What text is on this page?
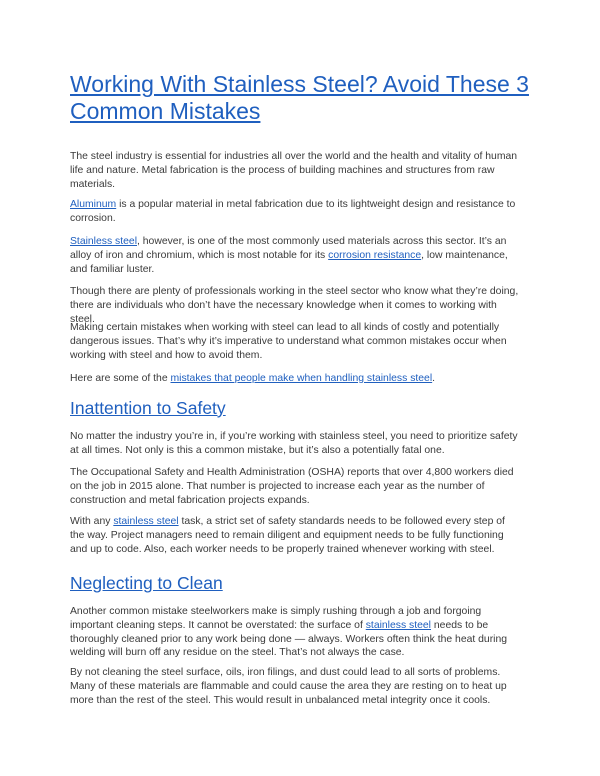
Working With Stainless Steel? Avoid These 3 Common Mistakes

The steel industry is essential for industries all over the world and the health and vitality of human life and nature. Metal fabrication is the process of building machines and structures from raw materials.

Aluminum is a popular material in metal fabrication due to its lightweight design and resistance to corrosion.

Stainless steel, however, is one of the most commonly used materials across this sector. It’s an alloy of iron and chromium, which is most notable for its corrosion resistance, low maintenance, and familiar luster.

Though there are plenty of professionals working in the steel sector who know what they’re doing, there are individuals who don’t have the necessary knowledge when it comes to working with steel.

Making certain mistakes when working with steel can lead to all kinds of costly and potentially dangerous issues. That’s why it’s imperative to understand what common mistakes occur when working with steel and how to avoid them.

Here are some of the mistakes that people make when handling stainless steel.

Inattention to Safety

No matter the industry you’re in, if you’re working with stainless steel, you need to prioritize safety at all times. Not only is this a common mistake, but it’s also a potentially fatal one.

The Occupational Safety and Health Administration (OSHA) reports that over 4,800 workers died on the job in 2015 alone. That number is projected to increase each year as the number of construction and metal fabrication projects expands.

With any stainless steel task, a strict set of safety standards needs to be followed every step of the way. Project managers need to remain diligent and equipment needs to be fully functioning and up to code. Also, each worker needs to be properly trained whenever working with steel.

Neglecting to Clean

Another common mistake steelworkers make is simply rushing through a job and forgoing important cleaning steps. It cannot be overstated: the surface of stainless steel needs to be thoroughly cleaned prior to any work being done — always. Workers often think the heat during welding will burn off any residue on the steel. That’s not always the case.

By not cleaning the steel surface, oils, iron filings, and dust could lead to all sorts of problems. Many of these materials are flammable and could cause the area they are resting on to heat up more than the rest of the steel. This would result in unbalanced metal integrity once it cools.
